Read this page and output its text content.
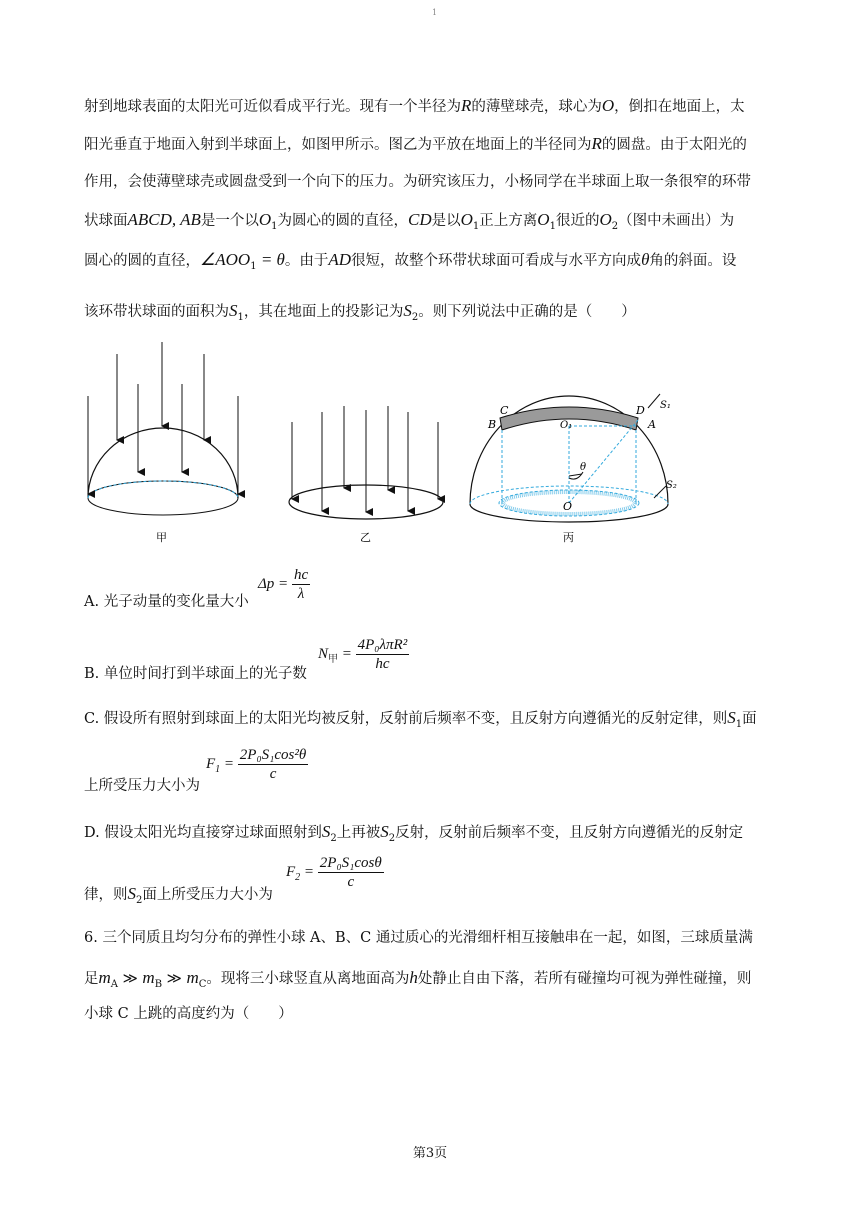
1
射到地球表面的太阳光可近似看成平行光。现有一个半径为R的薄壁球壳，球心为O，倒扣在地面上，太
阳光垂直于地面入射到半球面上，如图甲所示。图乙为平放在地面上的半径同为R的圆盘。由于太阳光的
作用，会使薄壁球壳或圆盘受到一个向下的压力。为研究该压力，小杨同学在半球面上取一条很窄的环带
状球面ABCD, AB是一个以$O_1$为圆心的圆的直径，CD是以$O_1$正上方离$O_1$很近的$O_2$（图中未画出）为
圆心的圆的直径，$\angle AOO_1 = \theta$。由于AD很短，故整个环带状球面可看成与水平方向成θ角的斜面。设
该环带状球面的面积为$S_1$，其在地面上的投影记为$S_2$。则下列说法中正确的是（　　）
C
B
D
A
S₁
S₂
O₁
O
θ
甲	乙	丙
A. 光子动量的变化量大小
$\Delta p = \frac{hc}{\lambda}$
B. 单位时间打到半球面上的光子数
$N_甲 = \frac{\text{4P₀λπR²}}{hc}$
C. 假设所有照射到球面上的太阳光均被反射，反射前后频率不变，且反射方向遵循光的反射定律，则$S_1$面
上所受压力大小为
$F_1 = \frac{\text{2P₀S₁cos²θ}}{c}$
D. 假设太阳光均直接穿过球面照射到$S_2$上再被$S_2$反射，反射前后频率不变，且反射方向遵循光的反射定
律，则$S_2$面上所受压力大小为
$F_2 = \frac{\text{2P₀S₁cosθ}}{c}$
6. 三个同质且均匀分布的弹性小球 A、B、C 通过质心的光滑细杆相互接触串在一起，如图，三球质量满
足$m_A$ ≫ $m_B$ ≫ $m_C$。现将三小球竖直从离地面高为h处静止自由下落，若所有碰撞均可视为弹性碰撞，则
小球 C 上跳的高度约为（　　）
第3页
